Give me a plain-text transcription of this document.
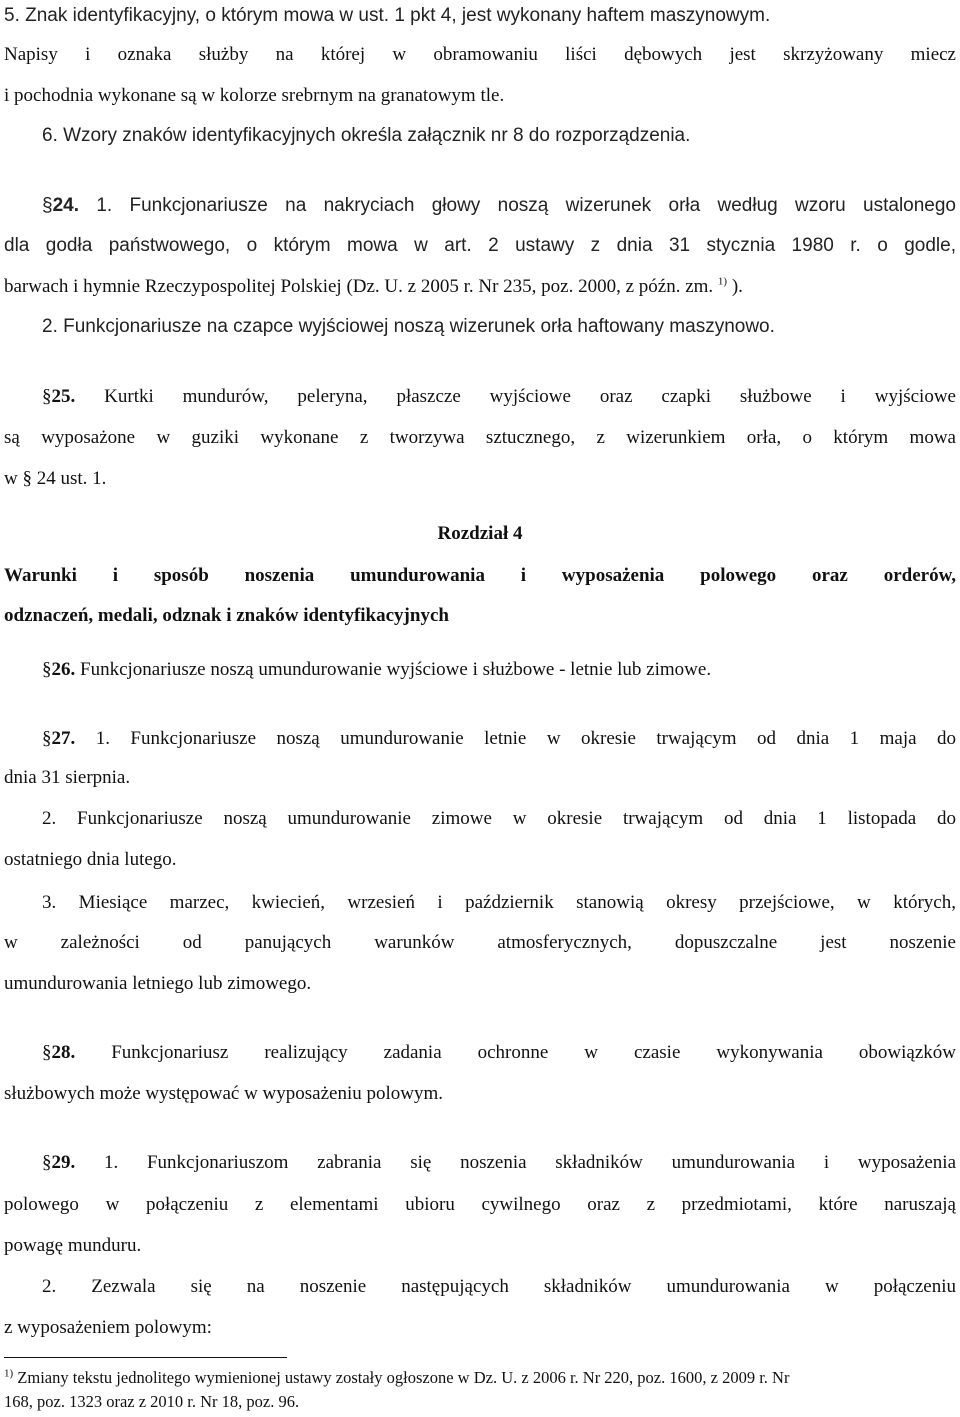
5. Znak identyfikacyjny, o którym mowa w ust. 1 pkt 4, jest wykonany haftem maszynowym.
Napisy i oznaka służby na której w obramowaniu liści dębowych jest skrzyżowany miecz
i pochodnia wykonane są w kolorze srebrnym na granatowym tle.
6. Wzory znaków identyfikacyjnych określa załącznik nr 8 do rozporządzenia.
§24. 1. Funkcjonariusze na nakryciach głowy noszą wizerunek orła według wzoru ustalonego
dla godła państwowego, o którym mowa w art. 2 ustawy z dnia 31 stycznia 1980 r. o godle,
barwach i hymnie Rzeczypospolitej Polskiej (Dz. U. z 2005 r. Nr 235, poz. 2000, z późn. zm. $^{1)}$ ).
2. Funkcjonariusze na czapce wyjściowej noszą wizerunek orła haftowany maszynowo.
§25. Kurtki mundurów, peleryna, płaszcze wyjściowe oraz czapki służbowe i wyjściowe
są wyposażone w guziki wykonane z tworzywa sztucznego, z wizerunkiem orła, o którym mowa
w § 24 ust. 1.
Rozdział 4
Warunki i sposób noszenia umundurowania i wyposażenia polowego oraz orderów,
odznaczeń, medali, odznak i znaków identyfikacyjnych
§26. Funkcjonariusze noszą umundurowanie wyjściowe i służbowe - letnie lub zimowe.
§27. 1. Funkcjonariusze noszą umundurowanie letnie w okresie trwającym od dnia 1 maja do
dnia 31 sierpnia.
2. Funkcjonariusze noszą umundurowanie zimowe w okresie trwającym od dnia 1 listopada do
ostatniego dnia lutego.
3. Miesiące marzec, kwiecień, wrzesień i październik stanowią okresy przejściowe, w których,
w zależności od panujących warunków atmosferycznych, dopuszczalne jest noszenie
umundurowania letniego lub zimowego.
§28. Funkcjonariusz realizujący zadania ochronne w czasie wykonywania obowiązków
służbowych może występować w wyposażeniu polowym.
§29. 1. Funkcjonariuszom zabrania się noszenia składników umundurowania i wyposażenia
polowego w połączeniu z elementami ubioru cywilnego oraz z przedmiotami, które naruszają
powagę munduru.
2. Zezwala się na noszenie następujących składników umundurowania w połączeniu
z wyposażeniem polowym:
$^{1)}$ Zmiany tekstu jednolitego wymienionej ustawy zostały ogłoszone w Dz. U. z 2006 r. Nr 220, poz. 1600, z 2009 r. Nr
168, poz. 1323 oraz z 2010 r. Nr 18, poz. 96.
